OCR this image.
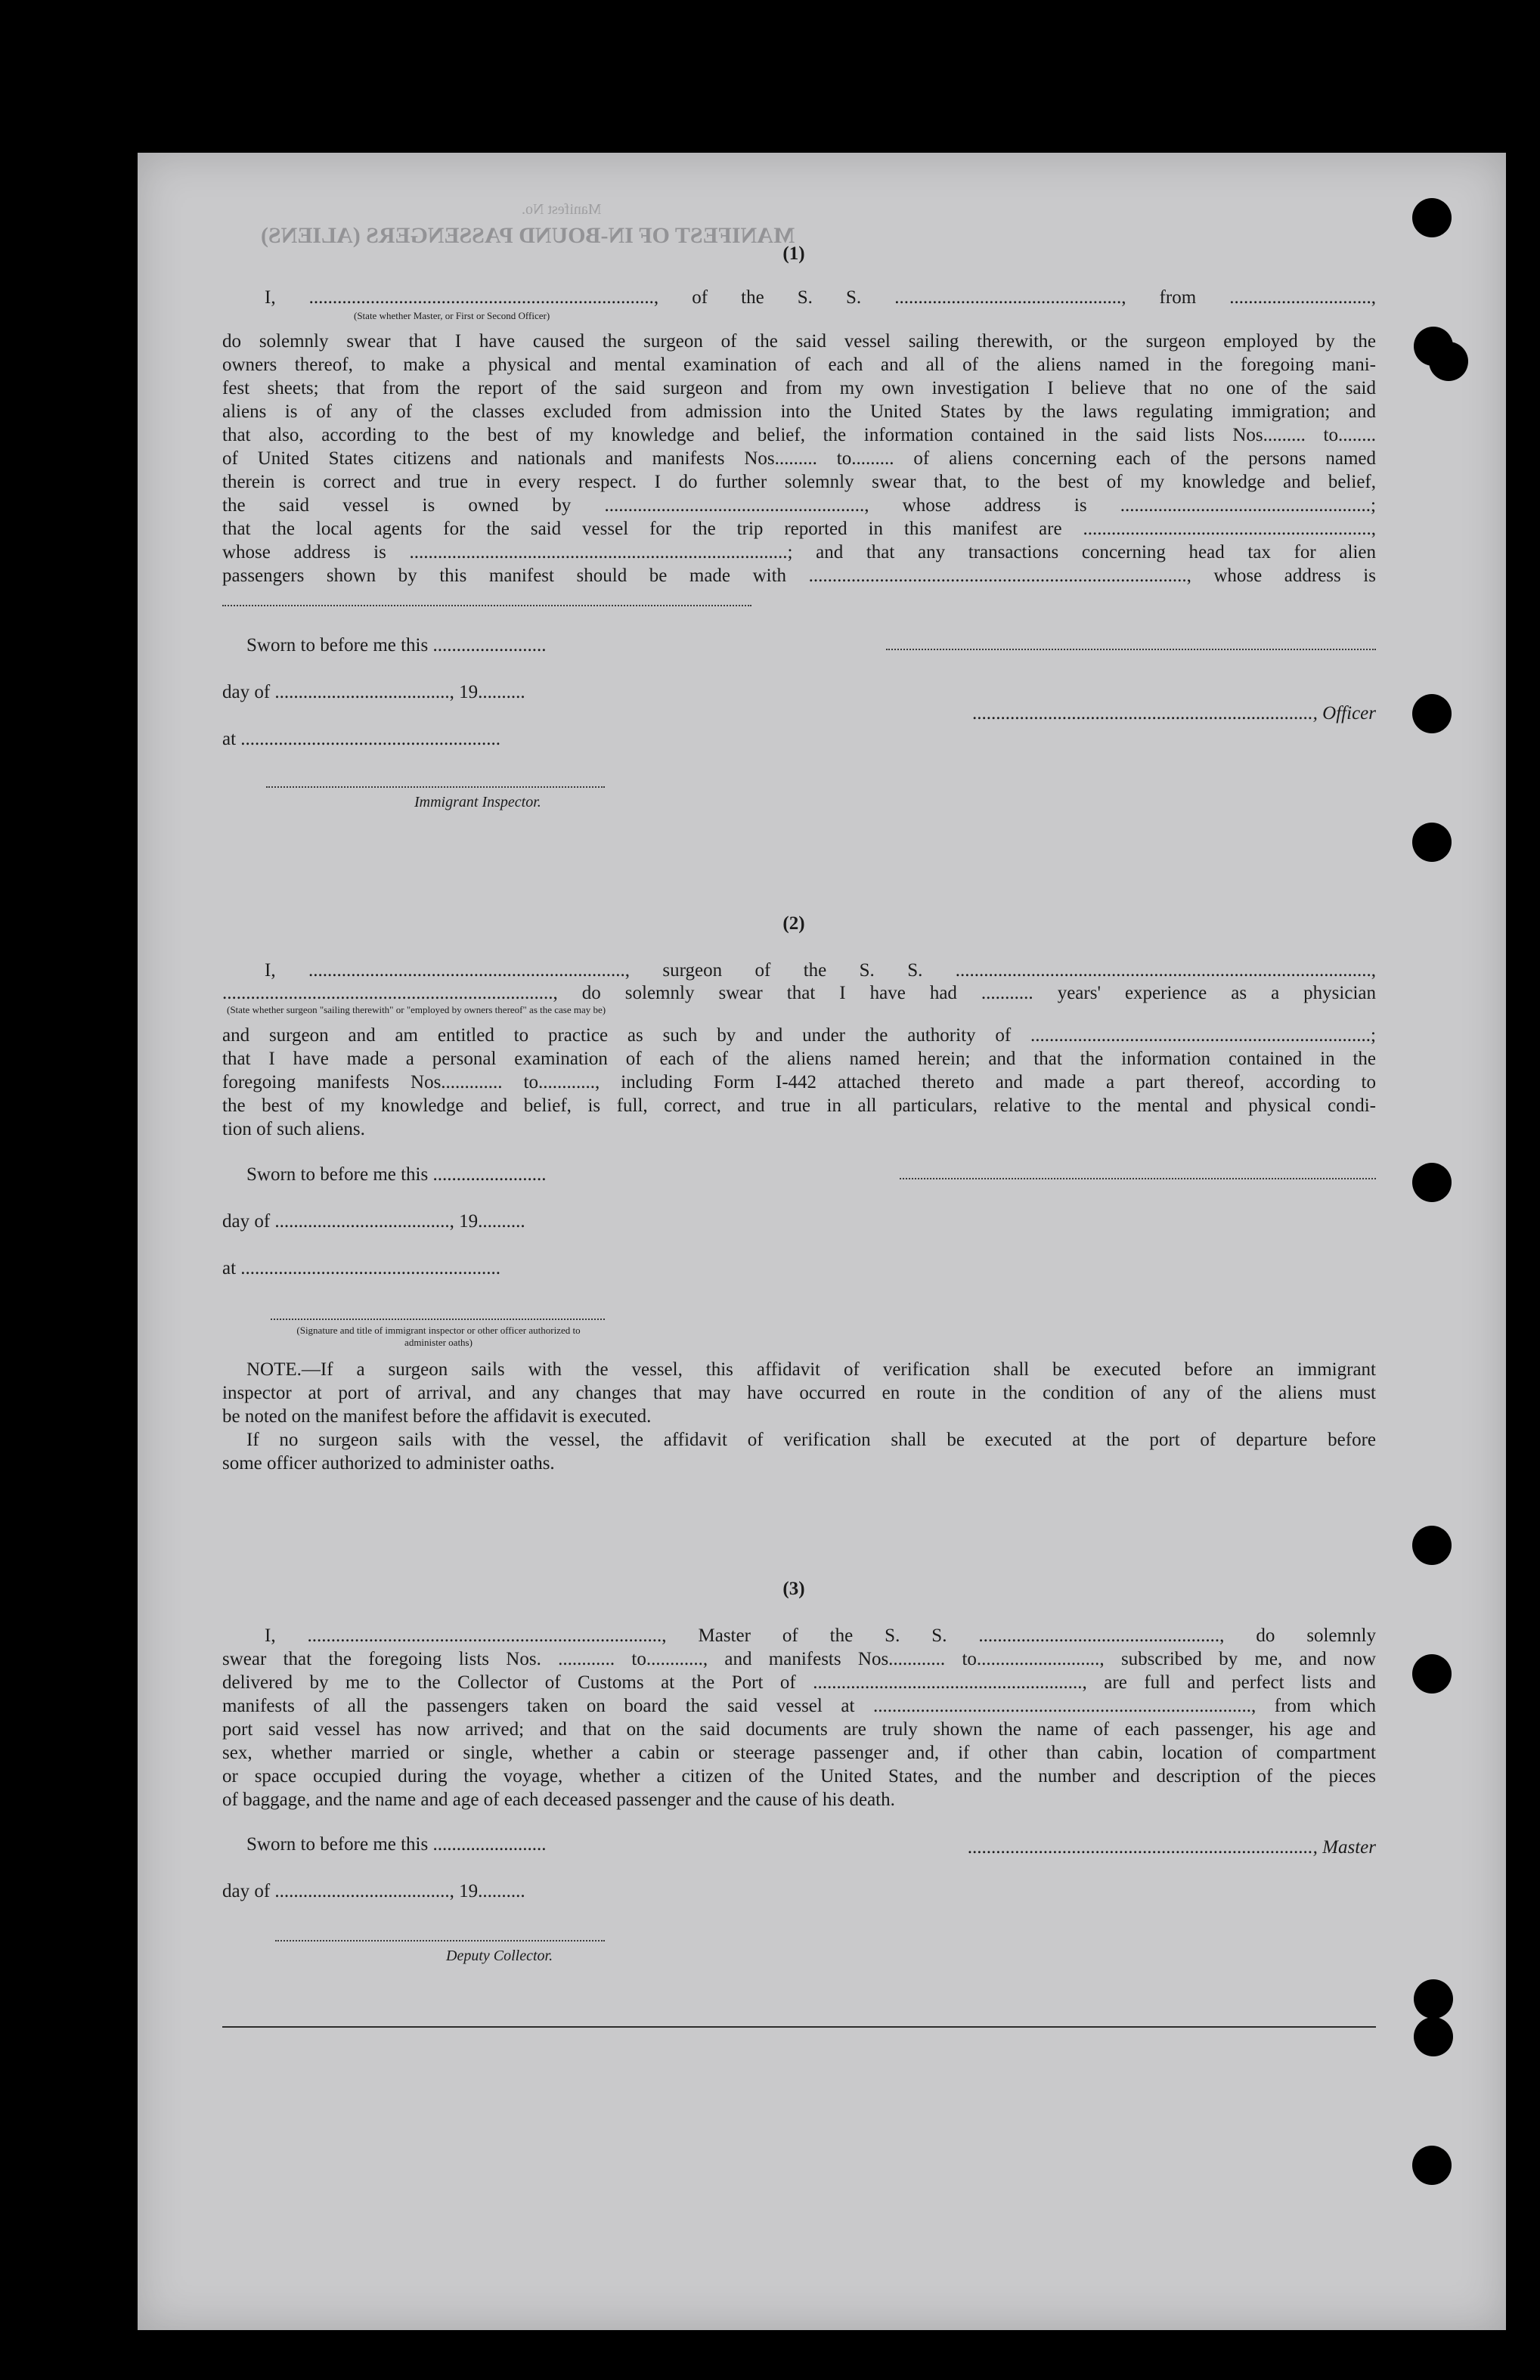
MANIFEST OF IN-BOUND PASSENGERS (ALIENS)

Manifest No.

(1)

I, ........................................................................., of the S. S. ................................................, from ..............................,

(State whether Master, or First or Second Officer)

do solemnly swear that I have caused the surgeon of the said vessel sailing therewith, or the surgeon employed by the
owners thereof, to make a physical and mental examination of each and all of the aliens named in the foregoing mani-
fest sheets; that from the report of the said surgeon and from my own investigation I believe that no one of the said
aliens is of any of the classes excluded from admission into the United States by the laws regulating immigration; and
that also, according to the best of my knowledge and belief, the information contained in the said lists Nos......... to........
of United States citizens and nationals and manifests Nos......... to......... of aliens concerning each of the persons named
therein is correct and true in every respect. I do further solemnly swear that, to the best of my knowledge and belief,
the said vessel is owned by ......................................................., whose address is .....................................................;
that the local agents for the said vessel for the trip reported in this manifest are .............................................................,
whose address is ................................................................................; and that any transactions concerning head tax for alien
passengers shown by this manifest should be made with ................................................................................, whose address is

Sworn to before me this ........................

day of ....................................., 19..........

........................................................................, Officer

at .......................................................

Immigrant Inspector.

(2)

I, ..................................................................., surgeon of the S. S. ........................................................................................,

......................................................................, do solemnly swear that I have had ........... years' experience as a physician

(State whether surgeon "sailing therewith" or "employed by owners thereof" as the case may be)

and surgeon and am entitled to practice as such by and under the authority of ........................................................................;
that I have made a personal examination of each of the aliens named herein; and that the information contained in the
foregoing manifests Nos............. to............, including Form I-442 attached thereto and made a part thereof, according to
the best of my knowledge and belief, is full, correct, and true in all particulars, relative to the mental and physical condi-
tion of such aliens.

Sworn to before me this ........................

day of ....................................., 19..........

at .......................................................

(Signature and title of immigrant inspector or other officer authorized to administer oaths)

NOTE.—If a surgeon sails with the vessel, this affidavit of verification shall be executed before an immigrant
inspector at port of arrival, and any changes that may have occurred en route in the condition of any of the aliens must
be noted on the manifest before the affidavit is executed.
If no surgeon sails with the vessel, the affidavit of verification shall be executed at the port of departure before
some officer authorized to administer oaths.

(3)

I, ..........................................................................., Master of the S. S. ..................................................., do solemnly
swear that the foregoing lists Nos. ............ to............, and manifests Nos............ to.........................., subscribed by me, and now
delivered by me to the Collector of Customs at the Port of ........................................................., are full and perfect lists and
manifests of all the passengers taken on board the said vessel at ................................................................................, from which
port said vessel has now arrived; and that on the said documents are truly shown the name of each passenger, his age and
sex, whether married or single, whether a cabin or steerage passenger and, if other than cabin, location of compartment
or space occupied during the voyage, whether a citizen of the United States, and the number and description of the pieces
of baggage, and the name and age of each deceased passenger and the cause of his death.

Sworn to before me this ........................	........................................................................., Master

day of ....................................., 19..........

Deputy Collector.
